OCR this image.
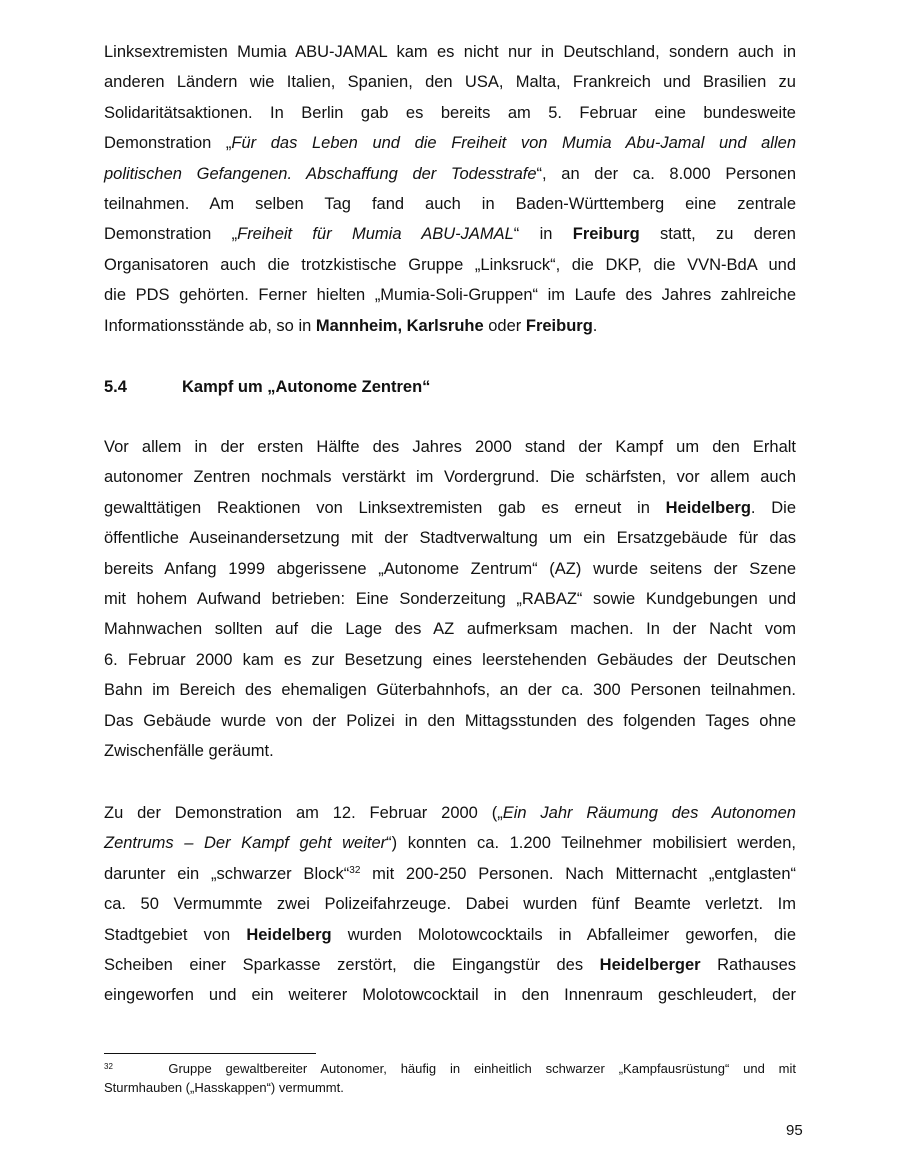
Linksextremisten Mumia ABU-JAMAL kam es nicht nur in Deutschland, sondern auch in
anderen Ländern wie Italien, Spanien, den USA, Malta, Frankreich und Brasilien zu
Solidaritätsaktionen. In Berlin gab es bereits am 5. Februar eine bundesweite
Demonstration „Für das Leben und die Freiheit von Mumia Abu-Jamal und allen
politischen Gefangenen. Abschaffung der Todesstrafe“, an der ca. 8.000 Personen
teilnahmen. Am selben Tag fand auch in Baden-Württemberg eine zentrale
Demonstration „Freiheit für Mumia ABU-JAMAL“ in Freiburg statt, zu deren
Organisatoren auch die trotzkistische Gruppe „Linksruck“, die DKP, die VVN-BdA und
die PDS gehörten. Ferner hielten „Mumia-Soli-Gruppen“ im Laufe des Jahres zahlreiche
Informationsstände ab, so in Mannheim, Karlsruhe oder Freiburg.
5.4	Kampf um „Autonome Zentren“
Vor allem in der ersten Hälfte des Jahres 2000 stand der Kampf um den Erhalt
autonomer Zentren nochmals verstärkt im Vordergrund. Die schärfsten, vor allem auch
gewalttätigen Reaktionen von Linksextremisten gab es erneut in Heidelberg. Die
öffentliche Auseinandersetzung mit der Stadtverwaltung um ein Ersatzgebäude für das
bereits Anfang 1999 abgerissene „Autonome Zentrum“ (AZ) wurde seitens der Szene
mit hohem Aufwand betrieben: Eine Sonderzeitung „RABAZ“ sowie Kundgebungen und
Mahnwachen sollten auf die Lage des AZ aufmerksam machen. In der Nacht vom
6. Februar 2000 kam es zur Besetzung eines leerstehenden Gebäudes der Deutschen
Bahn im Bereich des ehemaligen Güterbahnhofs, an der ca. 300 Personen teilnahmen.
Das Gebäude wurde von der Polizei in den Mittagsstunden des folgenden Tages ohne
Zwischenfälle geräumt.
Zu der Demonstration am 12. Februar 2000 („Ein Jahr Räumung des Autonomen
Zentrums – Der Kampf geht weiter“) konnten ca. 1.200 Teilnehmer mobilisiert werden,
darunter ein „schwarzer Block“$^{32}$ mit 200-250 Personen. Nach Mitternacht „entglasten“
ca. 50 Vermummte zwei Polizeifahrzeuge. Dabei wurden fünf Beamte verletzt. Im
Stadtgebiet von Heidelberg wurden Molotowcocktails in Abfalleimer geworfen, die
Scheiben einer Sparkasse zerstört, die Eingangstür des Heidelberger Rathauses
eingeworfen und ein weiterer Molotowcocktail in den Innenraum geschleudert, der
$^{32}$	Gruppe gewaltbereiter Autonomer, häufig in einheitlich schwarzer „Kampfausrüstung“ und mit
Sturmhauben („Hasskappen“) vermummt.
95
